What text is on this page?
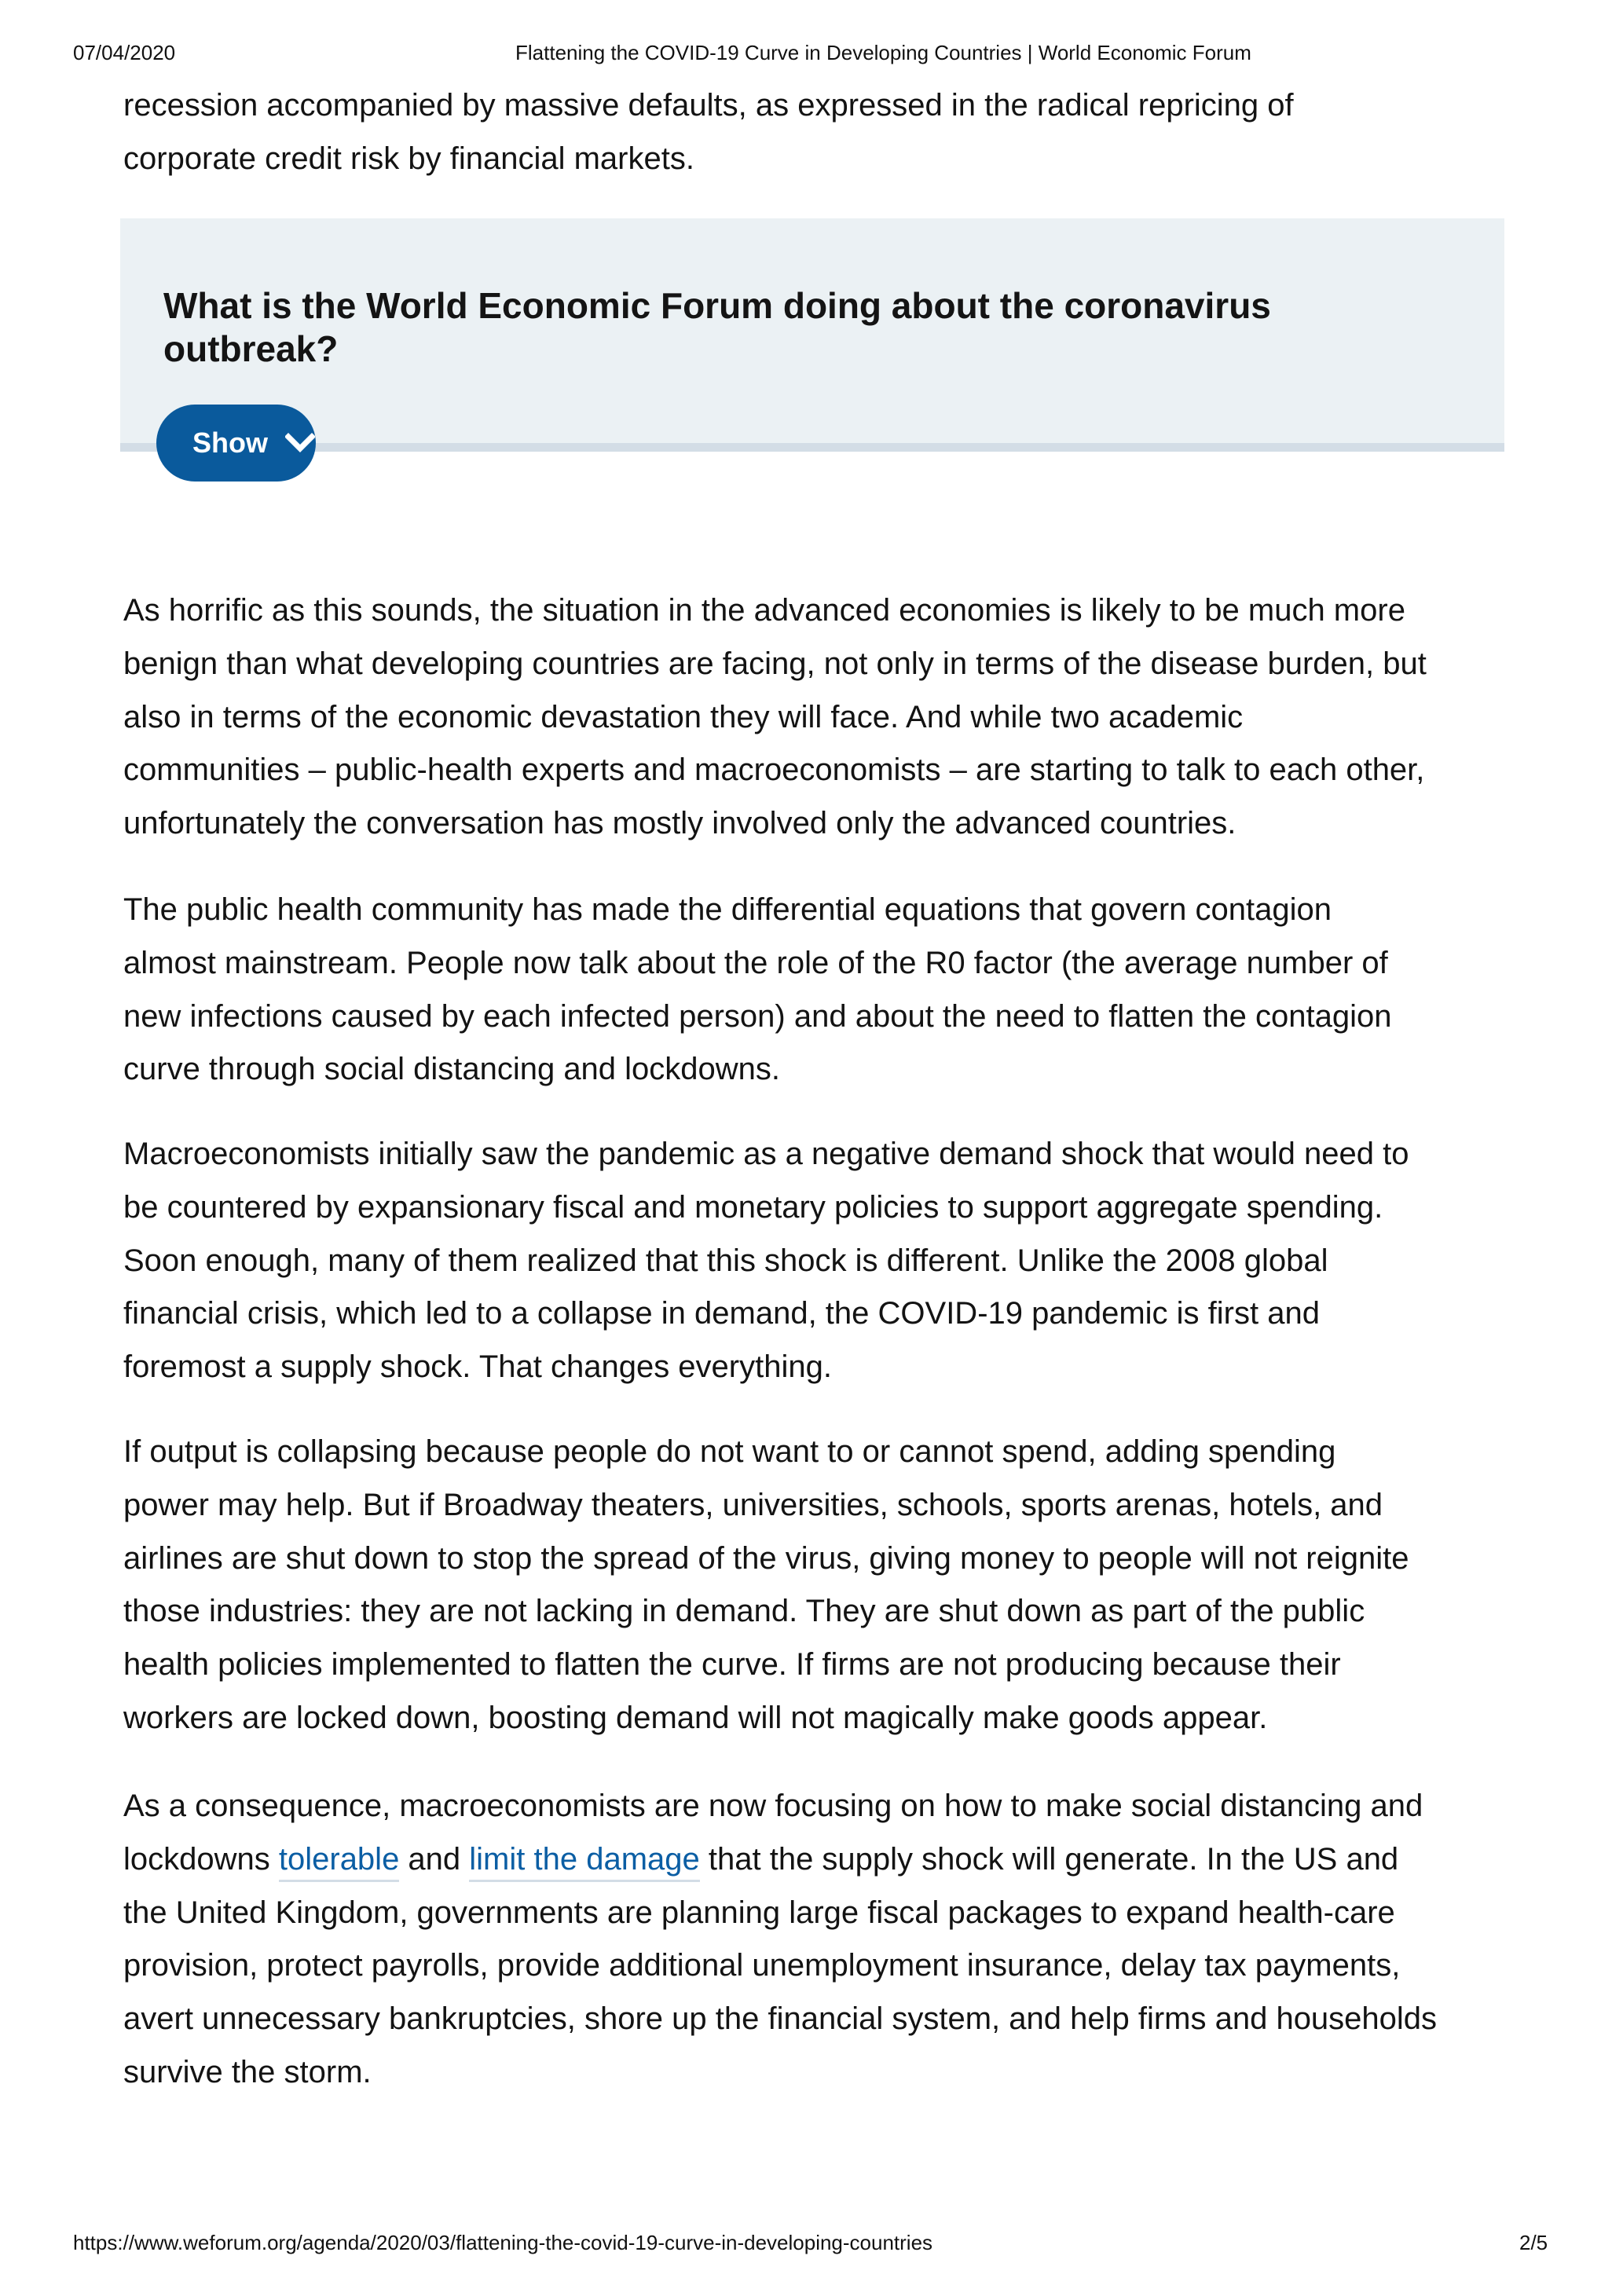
07/04/2020	Flattening the COVID-19 Curve in Developing Countries | World Economic Forum
recession accompanied by massive defaults, as expressed in the radical repricing of
corporate credit risk by financial markets.
What is the World Economic Forum doing about the coronavirus
outbreak?
Show
As horrific as this sounds, the situation in the advanced economies is likely to be much more
benign than what developing countries are facing, not only in terms of the disease burden, but
also in terms of the economic devastation they will face. And while two academic
communities – public-health experts and macroeconomists – are starting to talk to each other,
unfortunately the conversation has mostly involved only the advanced countries.
The public health community has made the differential equations that govern contagion
almost mainstream. People now talk about the role of the R0 factor (the average number of
new infections caused by each infected person) and about the need to flatten the contagion
curve through social distancing and lockdowns.
Macroeconomists initially saw the pandemic as a negative demand shock that would need to
be countered by expansionary fiscal and monetary policies to support aggregate spending.
Soon enough, many of them realized that this shock is different. Unlike the 2008 global
financial crisis, which led to a collapse in demand, the COVID-19 pandemic is first and
foremost a supply shock. That changes everything.
If output is collapsing because people do not want to or cannot spend, adding spending
power may help. But if Broadway theaters, universities, schools, sports arenas, hotels, and
airlines are shut down to stop the spread of the virus, giving money to people will not reignite
those industries: they are not lacking in demand. They are shut down as part of the public
health policies implemented to flatten the curve. If firms are not producing because their
workers are locked down, boosting demand will not magically make goods appear.
As a consequence, macroeconomists are now focusing on how to make social distancing and
lockdowns tolerable and limit the damage that the supply shock will generate. In the US and
the United Kingdom, governments are planning large fiscal packages to expand health-care
provision, protect payrolls, provide additional unemployment insurance, delay tax payments,
avert unnecessary bankruptcies, shore up the financial system, and help firms and households
survive the storm.
https://www.weforum.org/agenda/2020/03/flattening-the-covid-19-curve-in-developing-countries	2/5
